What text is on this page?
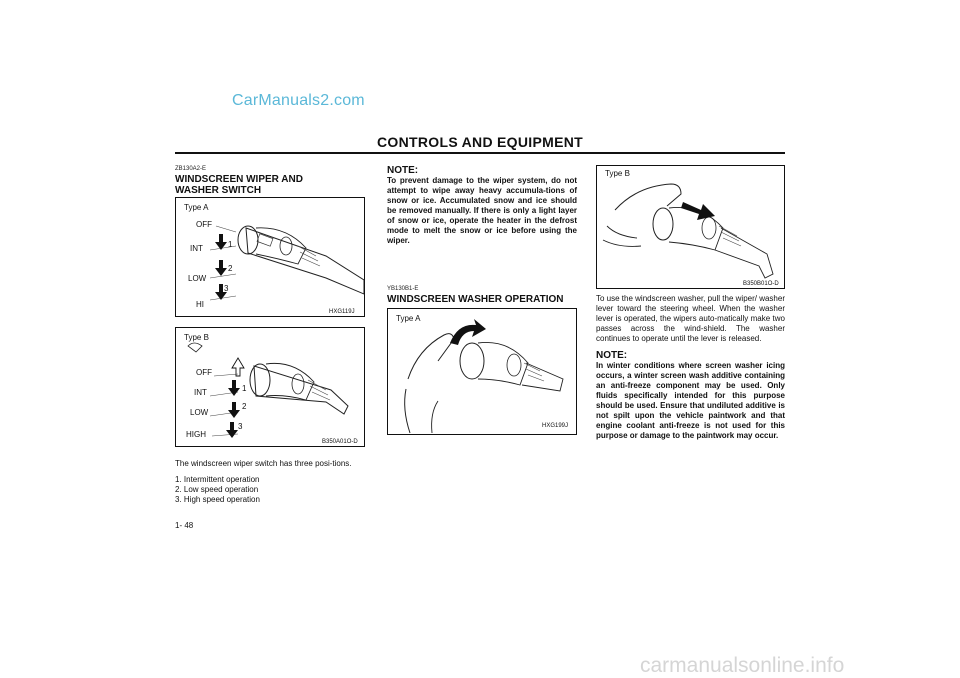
CarManuals2.com
CONTROLS AND EQUIPMENT
ZB130A2-E
WINDSCREEN WIPER AND
WASHER SWITCH
Type A
OFF
INT
LOW
HI
1
2
3
HXG119J
Type B
OFF
INT
LOW
HIGH
1
2
3
B350A01O-D
The windscreen wiper switch has three posi-tions.
1. Intermittent operation
2. Low speed operation
3. High speed operation
1- 48
NOTE:
To prevent damage to the wiper system, do not attempt to wipe away heavy accumula-tions of snow or ice. Accumulated snow and ice should be removed manually. If there is only a light layer of snow or ice, operate the heater in the defrost mode to melt the snow or ice before using the wiper.
YB130B1-E
WINDSCREEN WASHER OPERATION
Type A
HXG199J
Type B
B350B01O-D
To use the windscreen washer, pull the wiper/ washer lever toward the steering wheel. When the washer lever is operated, the wipers auto-matically make two passes across the wind-shield. The washer continues to operate until the lever is released.
NOTE:
In winter conditions where screen washer icing occurs, a winter screen wash additive containing an anti-freeze component may be used. Only fluids specifically intended for this purpose should be used. Ensure that undiluted additive is not spilt upon the vehicle paintwork and that engine coolant anti-freeze is not used for this purpose or damage to the paintwork may occur.
carmanualsonline.info
